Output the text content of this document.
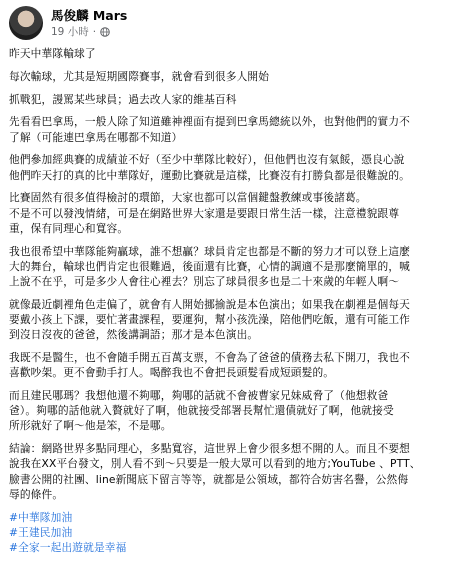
馬俊麟 Mars
19 小時 ·

昨天中華隊輸球了

每次輸球，尤其是短期國際賽事，就會看到很多人開始

抓戰犯，謾罵某些球員；過去改人家的維基百科

先看看巴拿馬，一般人除了知道雖神裡面有提到巴拿馬總統以外，也對他們的實力不
了解（可能連巴拿馬在哪都不知道）

他們參加經典賽的成績並不好（至少中華隊比較好），但他們也沒有氣餒，憑良心說
他們昨天打的真的比中華隊好，運動比賽就是這樣，比賽沒有打勝負都是很難說的。

比賽固然有很多值得檢討的環節，大家也都可以當個鍵盤教練或事後諸葛。
不是不可以發洩情緒，可是在網路世界大家還是要跟日常生活一樣，注意禮貌跟尊
重，保有同理心和寬容。

我也很希望中華隊能夠贏球，誰不想贏？球員肯定也都是不斷的努力才可以登上這麼
大的舞台，輸球也們肯定也很難過，後面還有比賽，心情的調適不是那麼簡單的，喊
上說不在乎，可是多少人會往心裡去？別忘了球員很多也是二十來歲的年輕人啊～

就像最近劇裡角色走偏了，就會有人開始挪揄說是本色演出；如果我在劇裡是個每天
要戴小孩上下課，要忙著畫課程，要運狗，幫小孩洗澡，陪他們吃飯，還有可能工作
到沒日沒夜的爸爸，然後講調語；那才是本色演出。

我既不是醫生，也不會隨手開五百萬支票，不會為了爸爸的債務去私下開刀，我也不
喜歡吵架。更不會動手打人。喝醉我也不會把長頭髮看成短頭髮的。

而且建民哪瑪？我想他還不夠哪，夠哪的話就不會被曹家兄妹威脅了（他想救爸
爸）。夠哪的話他就入贅就好了啊，他就接受部署長幫忙還債就好了啊，他就接受
所形就好了啊～他是笨，不是哪。

結論：網路世界多點同理心，多點寬容，這世界上會少很多想不開的人。而且不要想
說我在XX平台發文，別人看不到～只要是一般大眾可以看到的地方;YouTube 、PTT、
臉書公開的社團、line新聞底下留言等等，就都是公領域，都符合妨害名譽，公然侮
辱的條件。

#中華隊加油
#王建民加油
#全家一起出遊就是幸福
